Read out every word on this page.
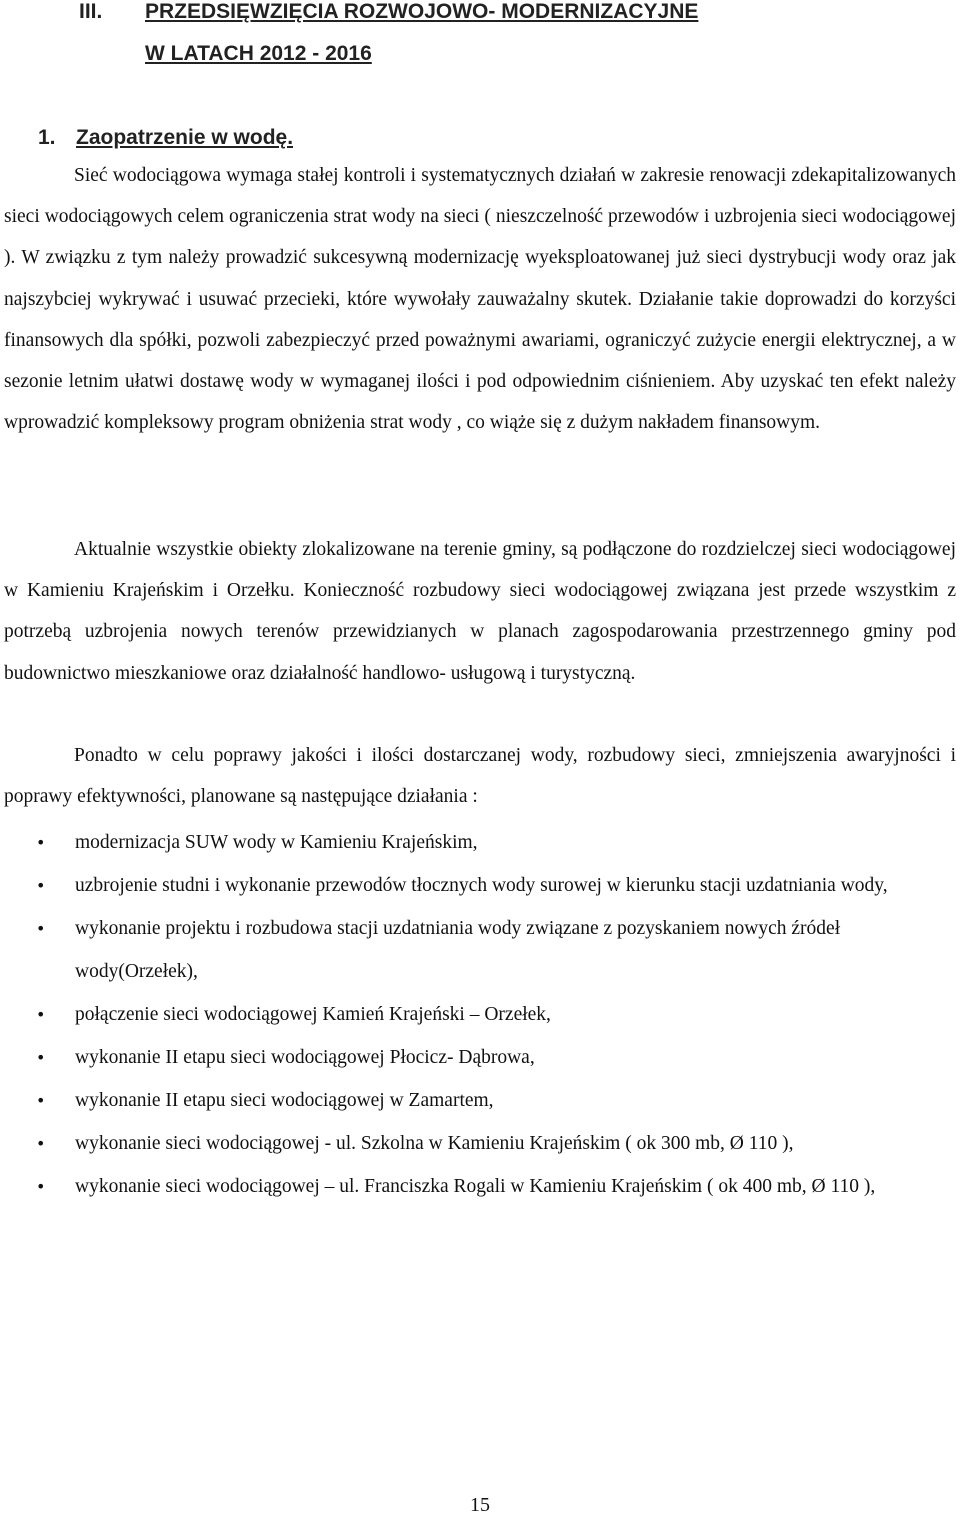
III. PRZEDSIĘWZIĘCIA ROZWOJOWO- MODERNIZACYJNE
W LATACH 2012 - 2016
1. Zaopatrzenie w wodę.

Sieć wodociągowa wymaga stałej kontroli i systematycznych działań w zakresie renowacji zdekapitalizowanych sieci wodociągowych celem ograniczenia strat wody na sieci ( nieszczelność przewodów i uzbrojenia sieci wodociągowej ). W związku z tym należy prowadzić sukcesywną modernizację wyeksploatowanej już sieci dystrybucji wody oraz jak najszybciej wykrywać i usuwać przecieki, które wywołały zauważalny skutek. Działanie takie doprowadzi do korzyści finansowych dla spółki, pozwoli zabezpieczyć przed poważnymi awariami, ograniczyć zużycie energii elektrycznej, a w sezonie letnim ułatwi dostawę wody w wymaganej ilości i pod odpowiednim ciśnieniem. Aby uzyskać ten efekt należy wprowadzić kompleksowy program obniżenia strat wody , co wiąże się z dużym nakładem finansowym.

Aktualnie wszystkie obiekty zlokalizowane na terenie gminy, są podłączone do rozdzielczej sieci wodociągowej w Kamieniu Krajeńskim i Orzełku. Konieczność rozbudowy sieci wodociągowej związana jest przede wszystkim z potrzebą uzbrojenia nowych terenów przewidzianych w planach zagospodarowania przestrzennego gminy pod budownictwo mieszkaniowe oraz działalność handlowo- usługową i turystyczną.

Ponadto w celu poprawy jakości i ilości dostarczanej wody, rozbudowy sieci, zmniejszenia awaryjności i poprawy efektywności, planowane są następujące działania :

• modernizacja SUW wody w Kamieniu Krajeńskim,
• uzbrojenie studni i wykonanie przewodów tłocznych wody surowej w kierunku stacji uzdatniania wody,
• wykonanie projektu i rozbudowa stacji uzdatniania wody związane z pozyskaniem nowych źródeł wody(Orzełek),
• połączenie sieci wodociągowej Kamień Krajeński – Orzełek,
• wykonanie II etapu sieci wodociągowej Płocicz- Dąbrowa,
• wykonanie II etapu sieci wodociągowej w Zamartem,
• wykonanie sieci wodociągowej - ul. Szkolna w Kamieniu Krajeńskim ( ok 300 mb, Ø 110 ),
• wykonanie sieci wodociągowej – ul. Franciszka Rogali w Kamieniu Krajeńskim ( ok 400 mb, Ø 110 ),
15
